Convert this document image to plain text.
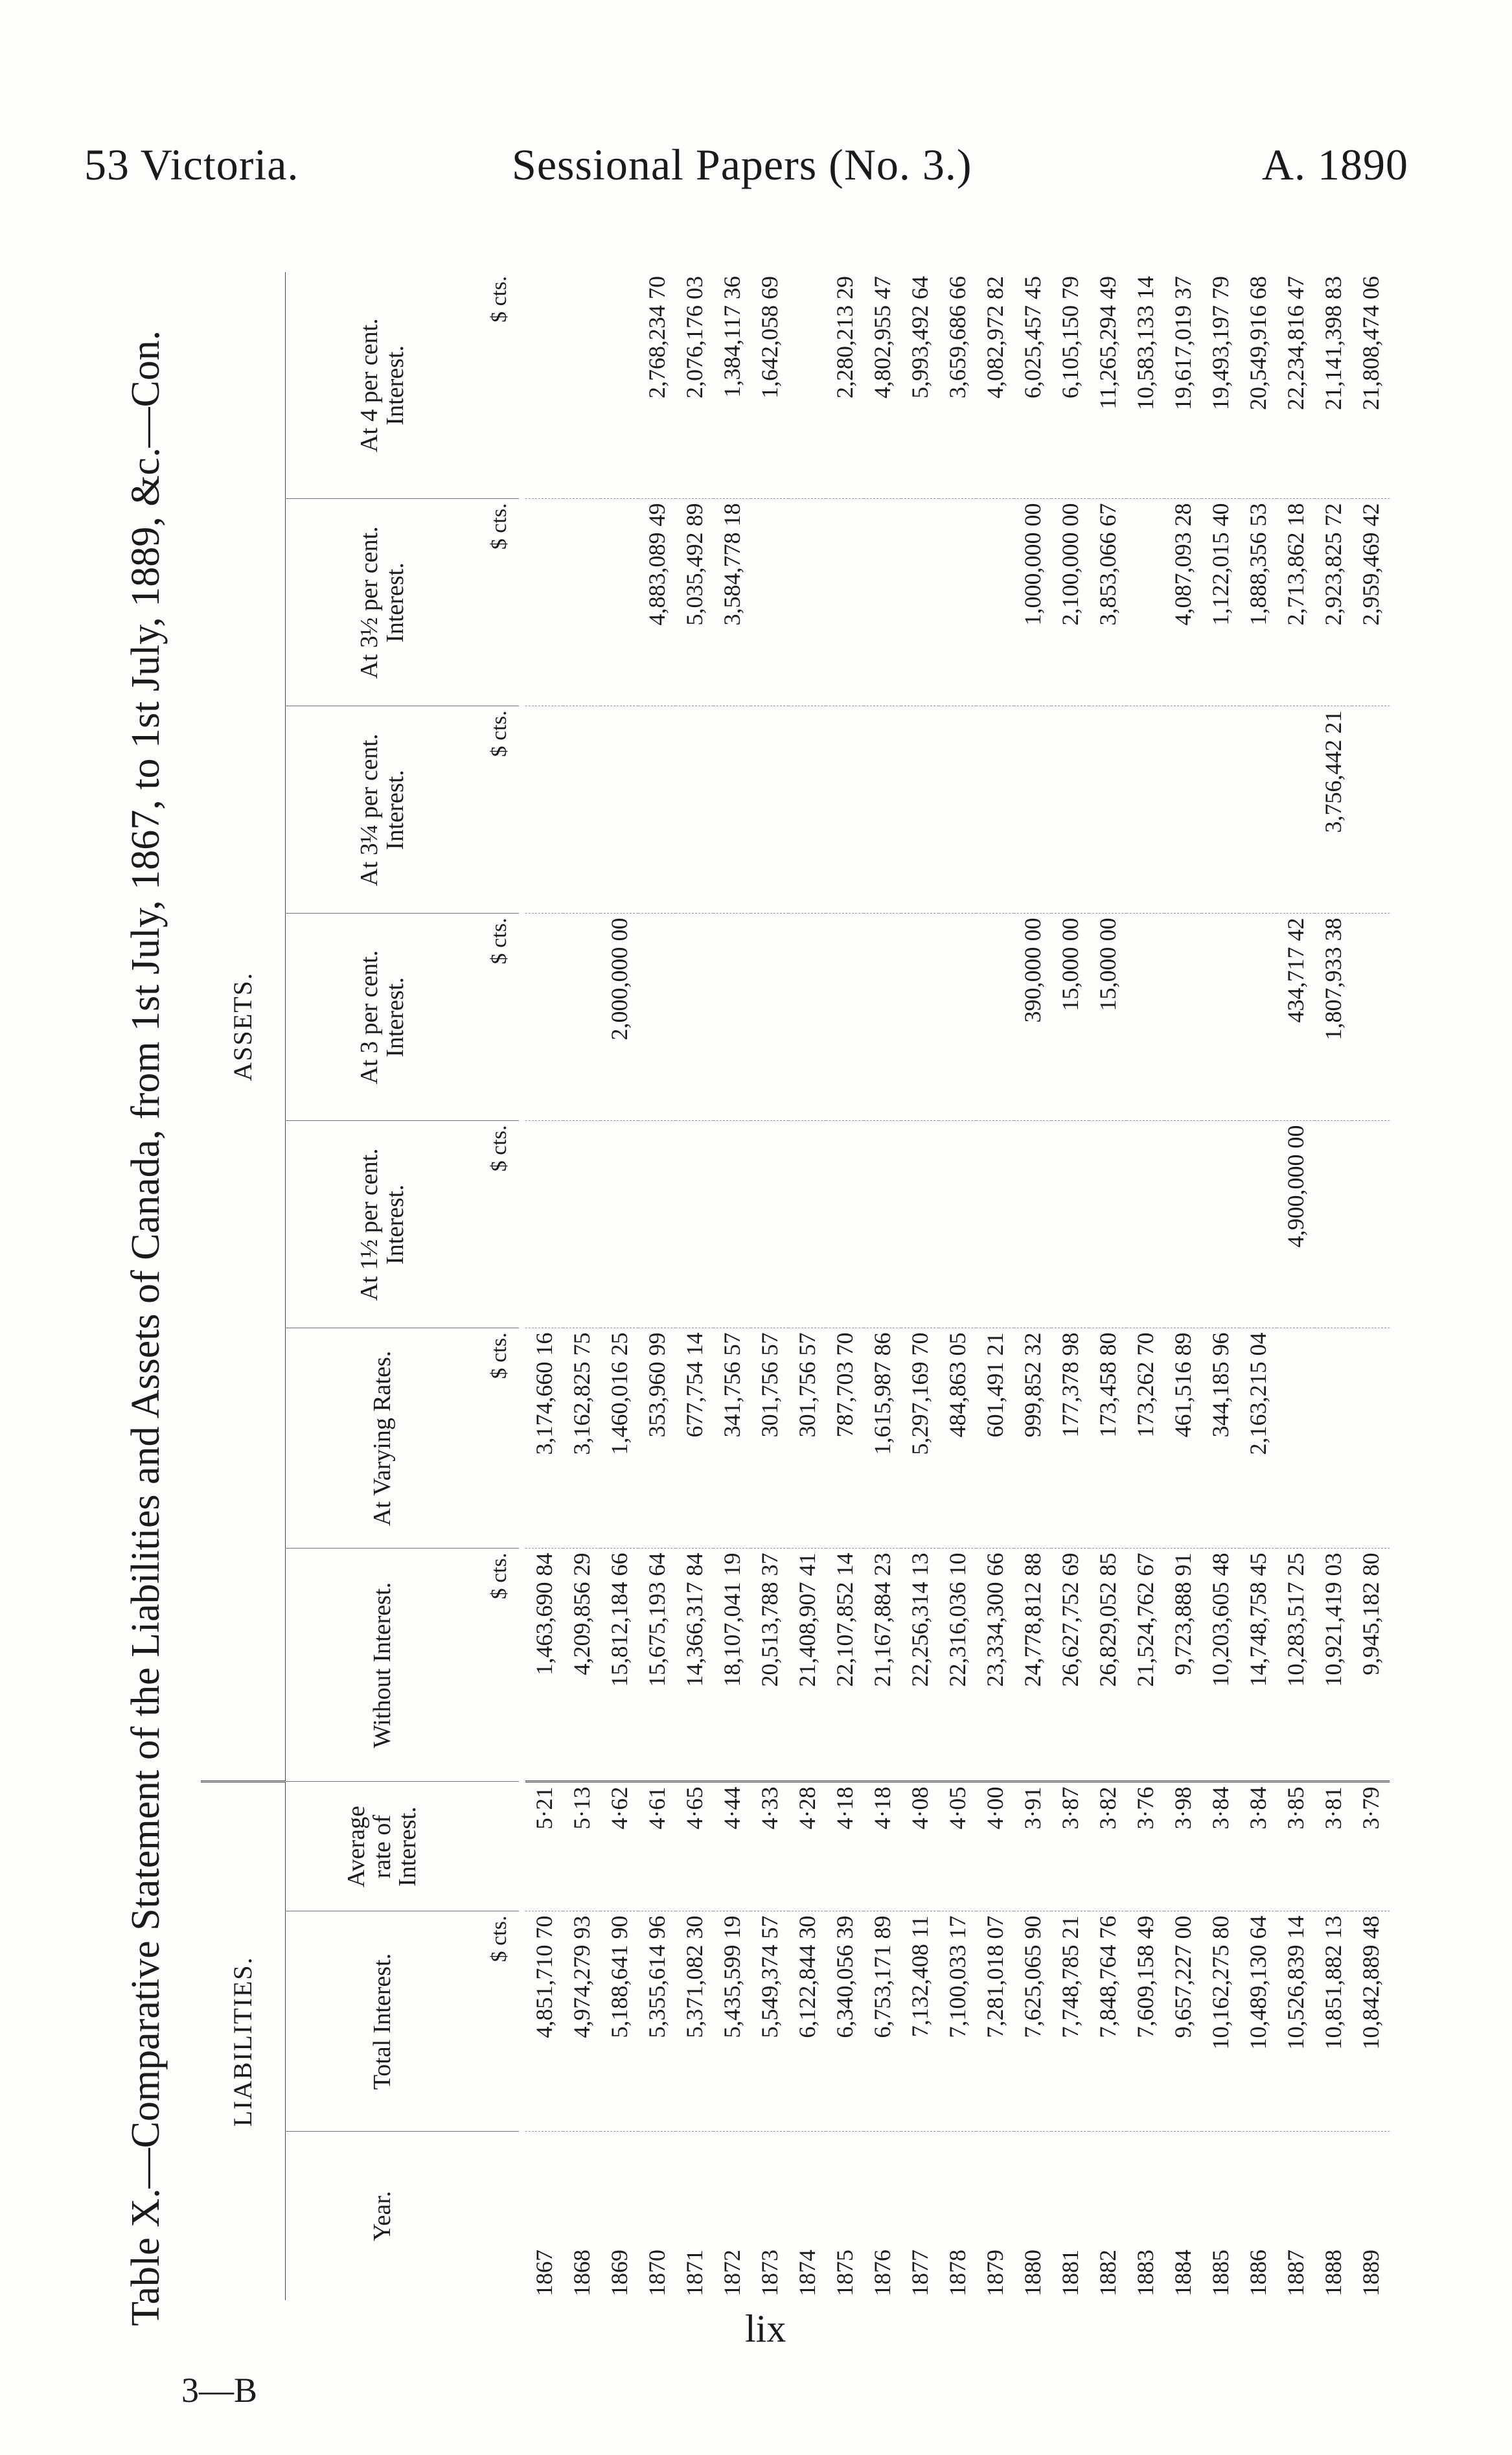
53 Victoria.	Sessional Papers (No. 3.)	A. 1890
Table X.—Comparative Statement of the Liabilities and Assets of Canada, from 1st July, 1867, to 1st July, 1889, &c.—Con.	LIABILITIES.			ASSETS.						
Year.	Total Interest.	Average rate of Interest.	Without Interest.	At Varying Rates.	At 1½ per cent. Interest.	At 3 per cent. Interest.	At 3¼ per cent. Interest.	At 3½ per cent. Interest.	At 4 per cent. Interest.
	$ cts.		$ cts.	$ cts.	$ cts.	$ cts.	$ cts.	$ cts.	$ cts.

1867	4,851,710 70	5·21	1,463,690 84	3,174,660 16					
1868	4,974,279 93	5·13	4,209,856 29	3,162,825 75					
1869	5,188,641 90	4·62	15,812,184 66	1,460,016 25		2,000,000 00			
1870	5,355,614 96	4·61	15,675,193 64	353,960 99				4,883,089 49	2,768,234 70
1871	5,371,082 30	4·65	14,366,317 84	677,754 14				5,035,492 89	2,076,176 03
1872	5,435,599 19	4·44	18,107,041 19	341,756 57				3,584,778 18	1,384,117 36
1873	5,549,374 57	4·33	20,513,788 37	301,756 57					1,642,058 69
1874	6,122,844 30	4·28	21,408,907 41	301,756 57					
1875	6,340,056 39	4·18	22,107,852 14	787,703 70					2,280,213 29
1876	6,753,171 89	4·18	21,167,884 23	1,615,987 86					4,802,955 47
1877	7,132,408 11	4·08	22,256,314 13	5,297,169 70					5,993,492 64
1878	7,100,033 17	4·05	22,316,036 10	484,863 05					3,659,686 66
1879	7,281,018 07	4·00	23,334,300 66	601,491 21					4,082,972 82
1880	7,625,065 90	3·91	24,778,812 88	999,852 32		390,000 00		1,000,000 00	6,025,457 45
1881	7,748,785 21	3·87	26,627,752 69	177,378 98		15,000 00		2,100,000 00	6,105,150 79
1882	7,848,764 76	3·82	26,829,052 85	173,458 80		15,000 00		3,853,066 67	11,265,294 49
1883	7,609,158 49	3·76	21,524,762 67	173,262 70					10,583,133 14
1884	9,657,227 00	3·98	9,723,888 91	461,516 89				4,087,093 28	19,617,019 37
1885	10,162,275 80	3·84	10,203,605 48	344,185 96				1,122,015 40	19,493,197 79
1886	10,489,130 64	3·84	14,748,758 45	2,163,215 04				1,888,356 53	20,549,916 68
1887	10,526,839 14	3·85	10,283,517 25		4,900,000 00	434,717 42		2,713,862 18	22,234,816 47
1888	10,851,882 13	3·81	10,921,419 03			1,807,933 38	3,756,442 21	2,923,825 72	21,141,398 83
1889	10,842,889 48	3·79	9,945,182 80					2,959,469 42	21,808,474 06
lix
3—B
